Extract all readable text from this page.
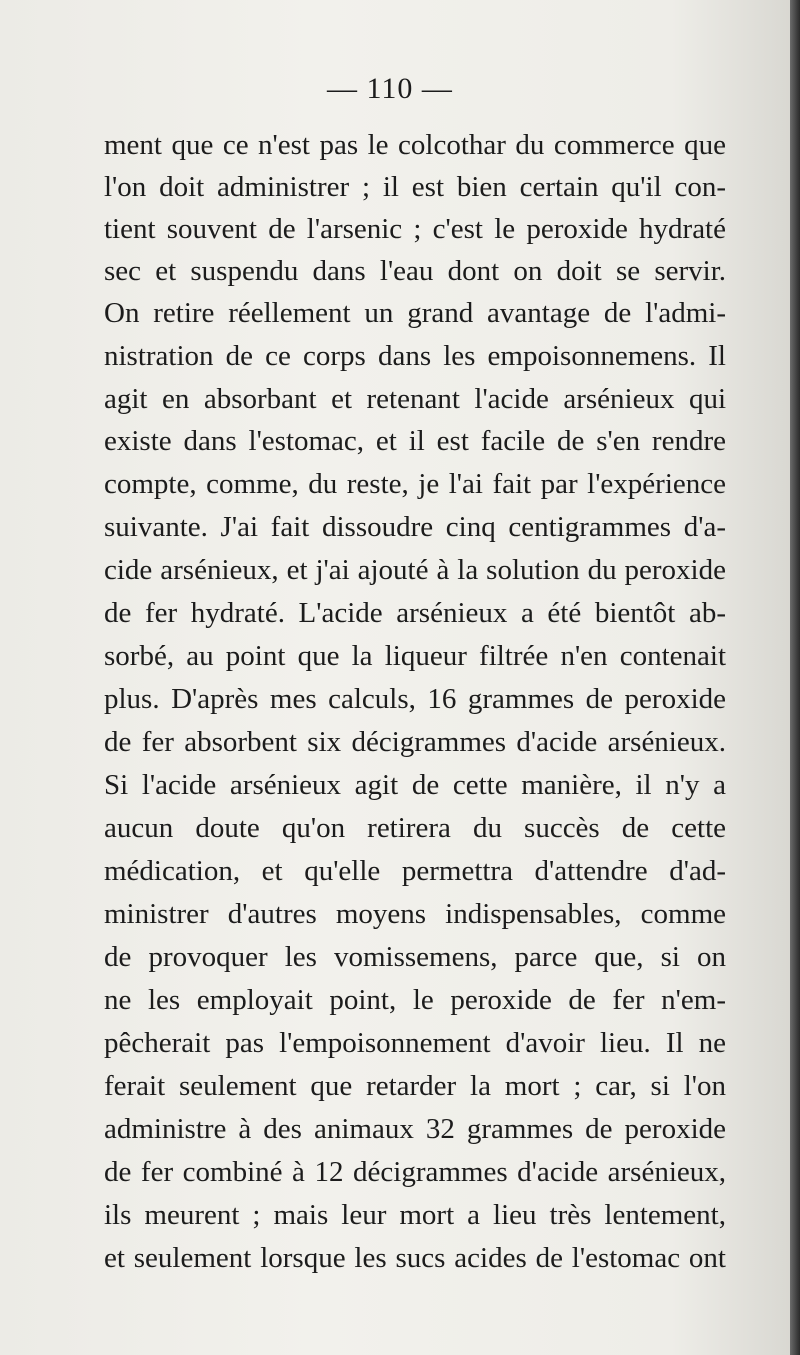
— 110 —
ment que ce n'est pas le colcothar du commerce que
l'on doit administrer ; il est bien certain qu'il con-
tient souvent de l'arsenic ; c'est le peroxide hydraté
sec et suspendu dans l'eau dont on doit se servir.
On retire réellement un grand avantage de l'admi-
nistration de ce corps dans les empoisonnemens. Il
agit en absorbant et retenant l'acide arsénieux qui
existe dans l'estomac, et il est facile de s'en rendre
compte, comme, du reste, je l'ai fait par l'expérience
suivante. J'ai fait dissoudre cinq centigrammes d'a-
cide arsénieux, et j'ai ajouté à la solution du peroxide
de fer hydraté. L'acide arsénieux a été bientôt ab-
sorbé, au point que la liqueur filtrée n'en contenait
plus. D'après mes calculs, 16 grammes de peroxide
de fer absorbent six décigrammes d'acide arsénieux.
Si l'acide arsénieux agit de cette manière, il n'y a
aucun doute qu'on retirera du succès de cette
médication, et qu'elle permettra d'attendre d'ad-
ministrer d'autres moyens indispensables, comme
de provoquer les vomissemens, parce que, si on
ne les employait point, le peroxide de fer n'em-
pêcherait pas l'empoisonnement d'avoir lieu. Il ne
ferait seulement que retarder la mort ; car, si l'on
administre à des animaux 32 grammes de peroxide
de fer combiné à 12 décigrammes d'acide arsénieux,
ils meurent ; mais leur mort a lieu très lentement,
et seulement lorsque les sucs acides de l'estomac ont
